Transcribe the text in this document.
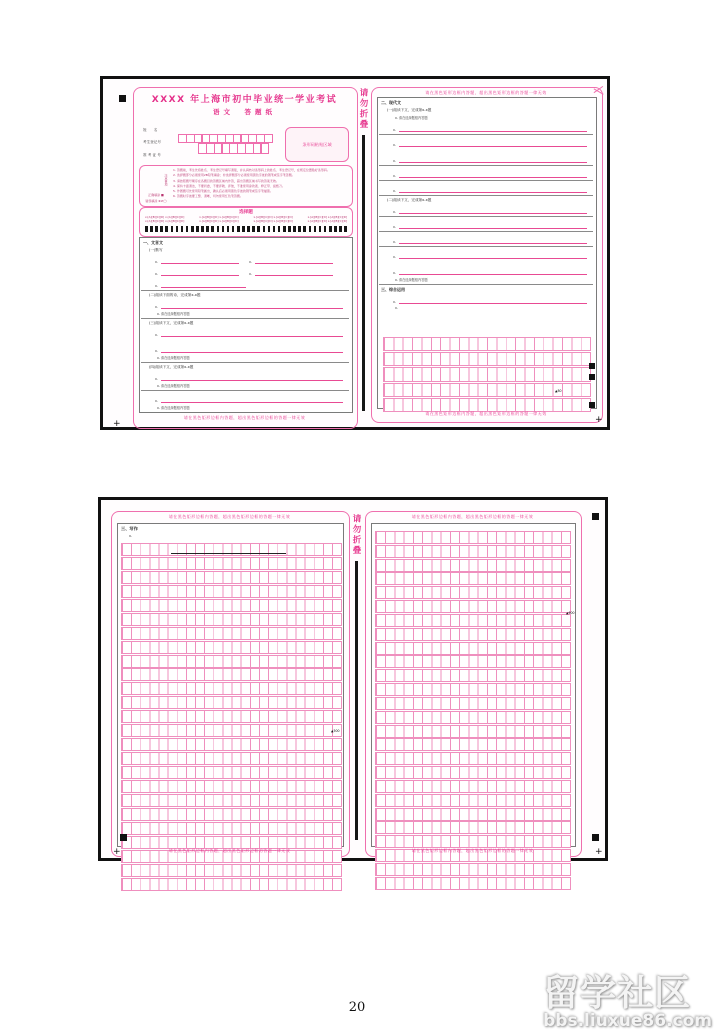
XXXX 年上海市初中毕业统一学业考试
语文　答题纸
姓　　名
考生登记号
准 考 证 号
条形码粘贴区域
注意事项
正确填涂 ■
错误填涂 ⊗⊘◯
1. 答题前，考生先将姓名、考生登记号填写清楚，并认真核对条形码上的姓名、考生登记号，在规定位置贴好条形码。
2. 选择题部分必须使用2B铅笔填涂；非选择题部分必须使用黑色字迹的钢笔或签字笔答题。
3. 请按照题号顺序在各题目的答题区域内作答，超出答题区域书写的答案无效。
4. 保持卡面清洁，不要折叠，不要弄破、弄皱，不准使用涂改液、修正带、刮纸刀。
5. 作图题可先使用铅笔画出，确认后必须用黑色字迹的钢笔或签字笔描黑。
6. 答题时字迹要工整、清晰，切勿使用红色笔答题。
选择题
x.[A][B][C][D] x.[A][B][C][D]
x.[A][B][C][D] x.[A][B][C][D]
x.[A][B][C][D] x.[A][B][C][D]
x.[A][B][C][D] x.[A][B][C][D]
x.[A][B][C][D] x.[A][B][C][D]
x.[A][B][C][D] x.[A][B][C][D]
x.[A][B][C][D] x.[A][B][C][D]
x.[A][B][C][D] x.[A][B][C][D]
一、文言文
(一)默写
x.	x.
x.	x.
x.
(二)阅读下面的诗，完成第x-x题
x.
x. 请在选择题框内答题
(三)阅读下文，完成第x-x题
x.
x.
x. 请在选择题框内答题
(四)阅读下文，完成第x-x题
x.
x. 请在选择题框内答题
x.
x. 请在选择题框内答题
请在黑色矩形边框内答题，超出黑色矩形边框的答题一律无效
请勿折叠	请在黑色矩形边框内答题，超出黑色矩形边框的答题一律无效
二、现代文
(一)阅读下文，完成第x-x题
x. 请在选择题框内答题
x.
x.
x.
x.
x.
(二)阅读下文，完成第x-x题
x.
x.
x.
x.
x.
x. 请在选择题框内答题
三、综合运用
x.
x.
▲80
请在黑色矩形边框内答题，超出黑色矩形边框的答题一律无效
+	+
请在黑色矩形边框内答题，超出黑色矩形边框的答题一律无效
三、写作
x.
▲500
请在黑色矩形边框内答题，超出黑色矩形边框的答题一律无效
请勿折叠	请在黑色矩形边框内答题，超出黑色矩形边框的答题一律无效
▲600
请在黑色矩形边框内答题，超出黑色矩形边框的答题一律无效
+	+
20	留学社区
bbs.liuxue86.com
